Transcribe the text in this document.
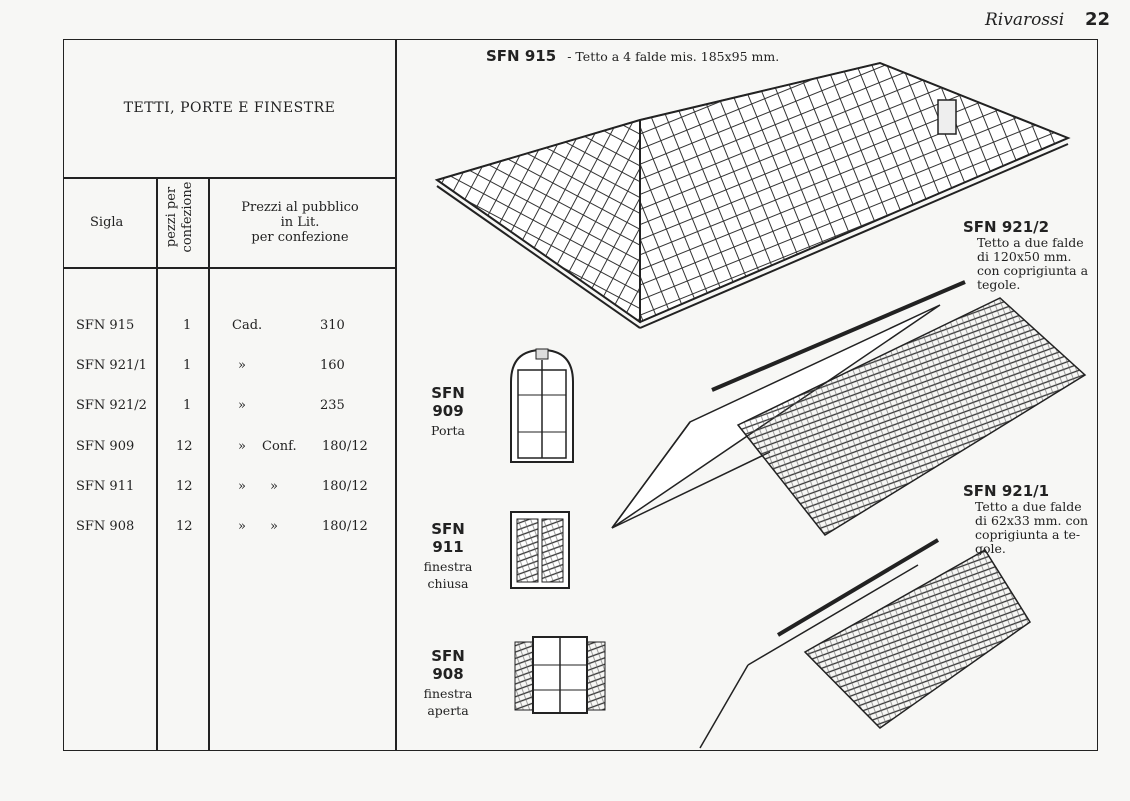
Rivarossi 22
TETTI, PORTE E FINESTRE
Sigla	pezzi per confezione	Prezzi al pubblico
in Lit.
per confezione
SFN 915	1	Cad.	310
SFN 921/1	1	»	160
SFN 921/2	1	»	235
SFN 909	12	» Conf. 180/12
SFN 911	12	» »	180/12
SFN 908	12	» »	180/12
SFN 915 - Tetto a 4 falde mis. 185x95 mm.
SFN 921/2
Tetto a due falde
di 120x50 mm.
con coprigiunta a
tegole.
SFN 921/1
Tetto a due falde
di 62x33 mm. con
coprigiunta a te-
gole.
SFN 909
Porta
SFN 911
finestra
chiusa
SFN 908
finestra
aperta
